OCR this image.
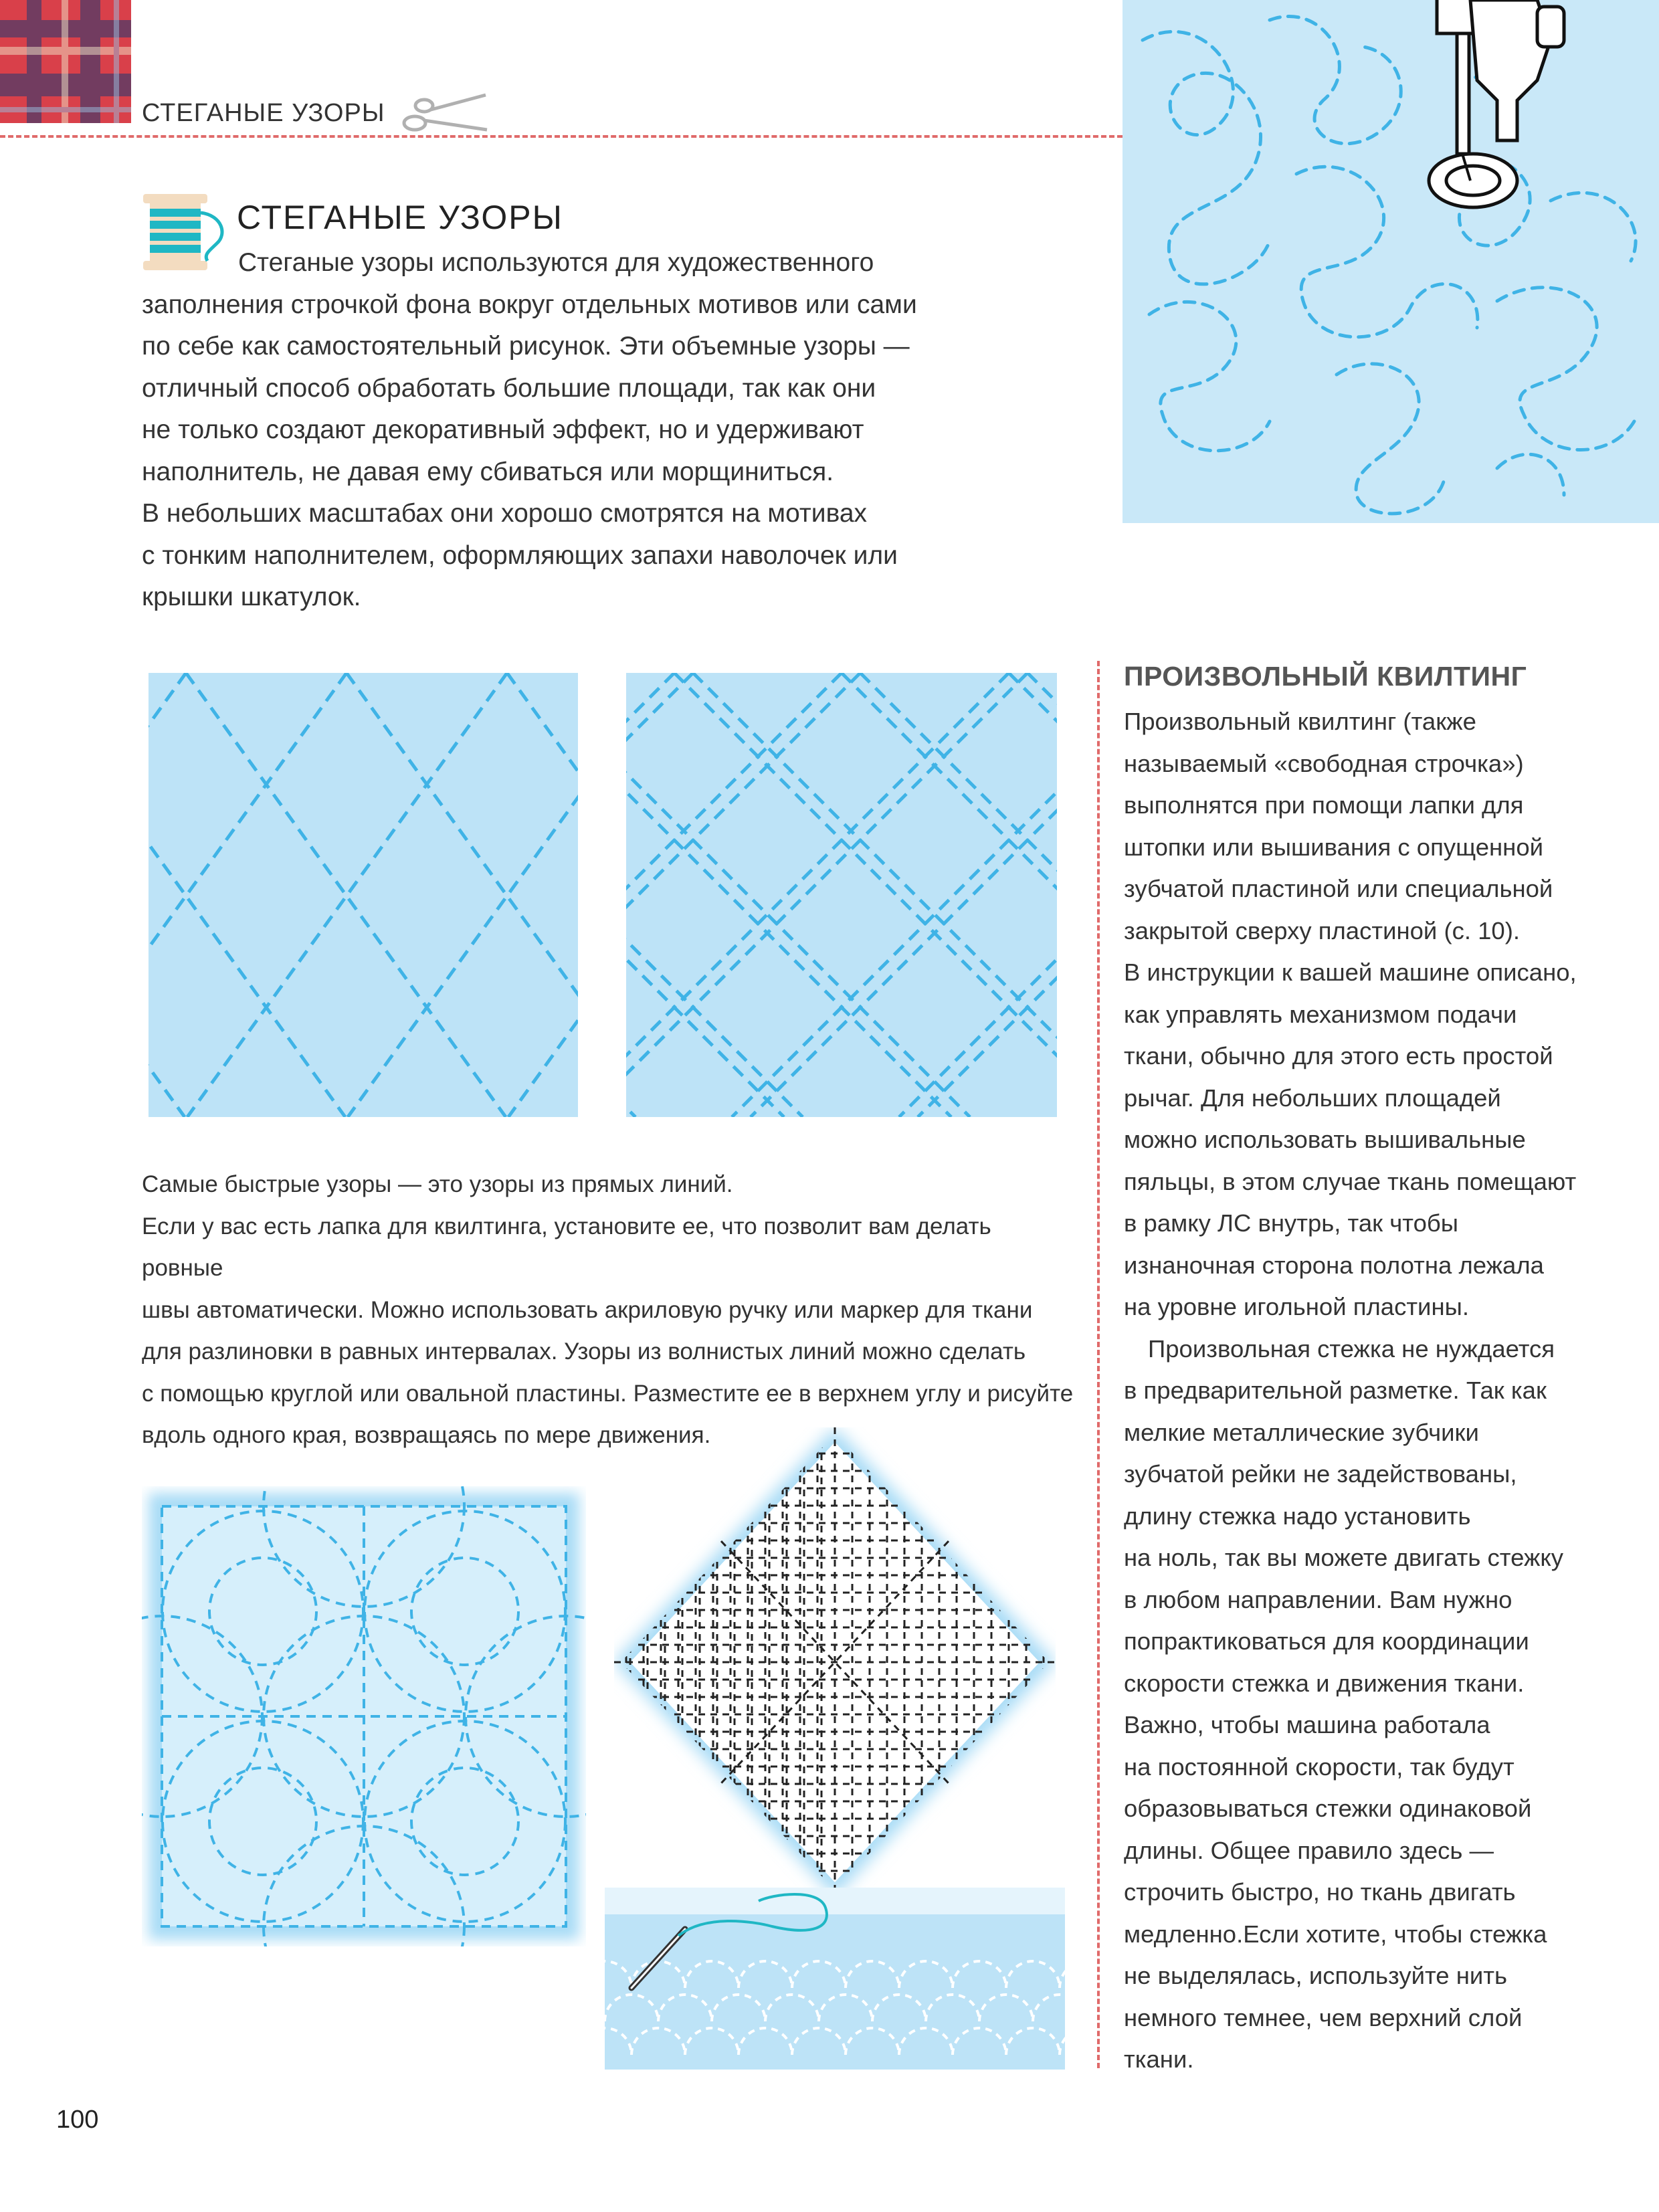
СТЕГАНЫЕ УЗОРЫ
СТЕГАНЫЕ УЗОРЫ

Стеганые узоры используются для художественного

заполнения строчкой фона вокруг отдельных мотивов или сами

по себе как самостоятельный рисунок. Эти объемные узоры —

отличный способ обработать большие площади, так как они

не только создают декоративный эффект, но и удерживают

наполнитель, не давая ему сбиваться или морщиниться.

В небольших масштабах они хорошо смотрятся на мотивах

с тонким наполнителем, оформляющих запахи наволочек или

крышки шкатулок.

Самые быстрые узоры — это узоры из прямых линий.

Если у вас есть лапка для квилтинга, установите ее, что позволит вам делать ровные

швы автоматически. Можно использовать акриловую ручку или маркер для ткани

для разлиновки в равных интервалах. Узоры из волнистых линий можно сделать

с помощью круглой или овальной пластины. Разместите ее в верхнем углу и рисуйте

вдоль одного края, возвращаясь по мере движения.

ПРОИЗВОЛЬНЫЙ КВИЛТИНГ

Произвольный квилтинг (также

называемый «свободная строчка»)

выполнятся при помощи лапки для

штопки или вышивания с опущенной

зубчатой пластиной или специальной

закрытой сверху пластиной (с. 10).

В инструкции к вашей машине описано,

как управлять механизмом подачи

ткани, обычно для этого есть простой

рычаг. Для небольших площадей

можно использовать вышивальные

пяльцы, в этом случае ткань помещают

в рамку ЛС внутрь, так чтобы

изнаночная сторона полотна лежала

на уровне игольной пластины.

Произвольная стежка не нуждается

в предварительной разметке. Так как

мелкие металлические зубчики

зубчатой рейки не задействованы,

длину стежка надо установить

на ноль, так вы можете двигать стежку

в любом направлении. Вам нужно

попрактиковаться для координации

скорости стежка и движения ткани.

Важно, чтобы машина работала

на постоянной скорости, так будут

образовываться стежки одинаковой

длины. Общее правило здесь —

строчить быстро, но ткань двигать

медленно.Если хотите, чтобы стежка

не выделялась, используйте нить

немного темнее, чем верхний слой

ткани.

100
